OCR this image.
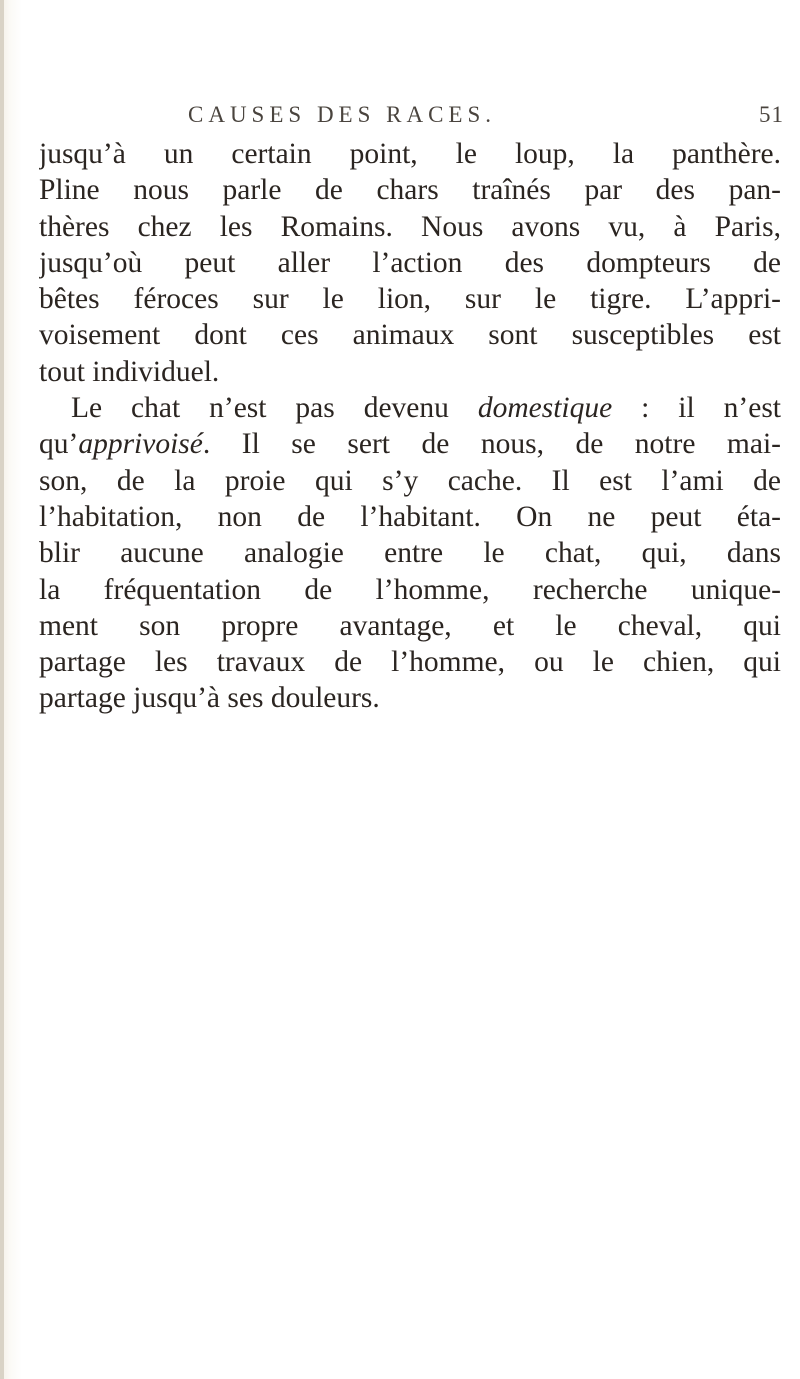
CAUSES DES RACES.	51
jusqu’à un certain point, le loup, la panthère.
Pline nous parle de chars traînés par des pan-
thères chez les Romains. Nous avons vu, à Paris,
jusqu’où peut aller l’action des dompteurs de
bêtes féroces sur le lion, sur le tigre. L’appri-
voisement dont ces animaux sont susceptibles est
tout individuel.
Le chat n’est pas devenu domestique : il n’est
qu’apprivoisé. Il se sert de nous, de notre mai-
son, de la proie qui s’y cache. Il est l’ami de
l’habitation, non de l’habitant. On ne peut éta-
blir aucune analogie entre le chat, qui, dans
la fréquentation de l’homme, recherche unique-
ment son propre avantage, et le cheval, qui
partage les travaux de l’homme, ou le chien, qui
partage jusqu’à ses douleurs.
